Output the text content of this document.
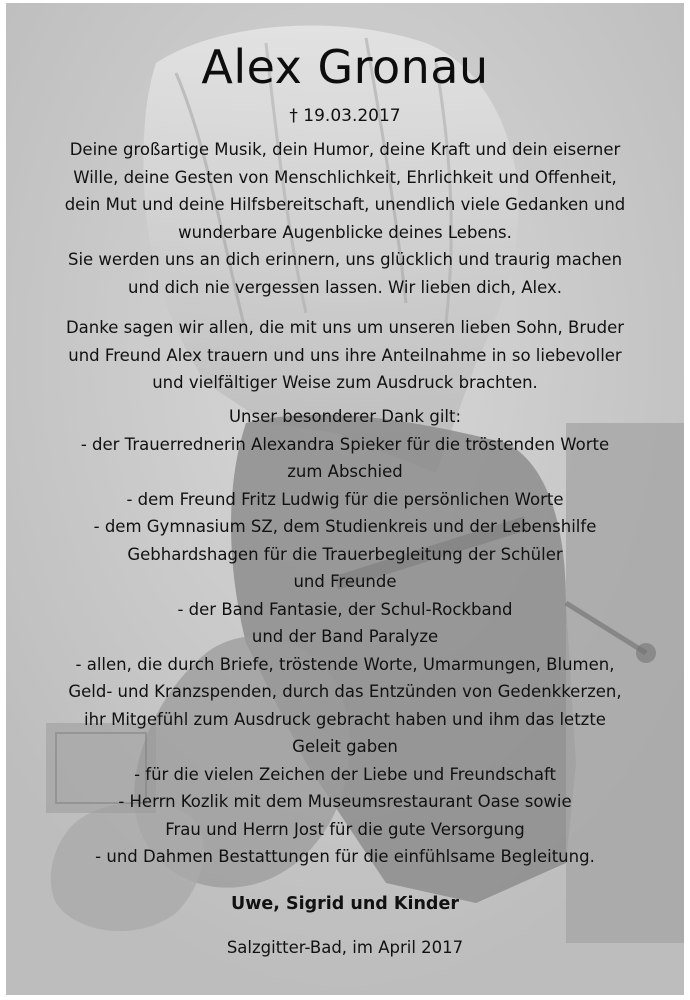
Alex Gronau
† 19.03.2017
Deine großartige Musik, dein Humor, deine Kraft und dein eiserner
Wille, deine Gesten von Menschlichkeit, Ehrlichkeit und Offenheit,
dein Mut und deine Hilfsbereitschaft, unendlich viele Gedanken und
wunderbare Augenblicke deines Lebens.
Sie werden uns an dich erinnern, uns glücklich und traurig machen
und dich nie vergessen lassen. Wir lieben dich, Alex.
Danke sagen wir allen, die mit uns um unseren lieben Sohn, Bruder
und Freund Alex trauern und uns ihre Anteilnahme in so liebevoller
und vielfältiger Weise zum Ausdruck brachten.
Unser besonderer Dank gilt:
- der Trauerrednerin Alexandra Spieker für die tröstenden Worte
zum Abschied
- dem Freund Fritz Ludwig für die persönlichen Worte
- dem Gymnasium SZ, dem Studienkreis und der Lebenshilfe
Gebhardshagen für die Trauerbegleitung der Schüler
und Freunde
- der Band Fantasie, der Schul-Rockband
und der Band Paralyze
- allen, die durch Briefe, tröstende Worte, Umarmungen, Blumen,
Geld- und Kranzspenden, durch das Entzünden von Gedenkkerzen,
ihr Mitgefühl zum Ausdruck gebracht haben und ihm das letzte
Geleit gaben
- für die vielen Zeichen der Liebe und Freundschaft
- Herrn Kozlik mit dem Museumsrestaurant Oase sowie
Frau und Herrn Jost für die gute Versorgung
- und Dahmen Bestattungen für die einfühlsame Begleitung.
Uwe, Sigrid und Kinder
Salzgitter-Bad, im April 2017
